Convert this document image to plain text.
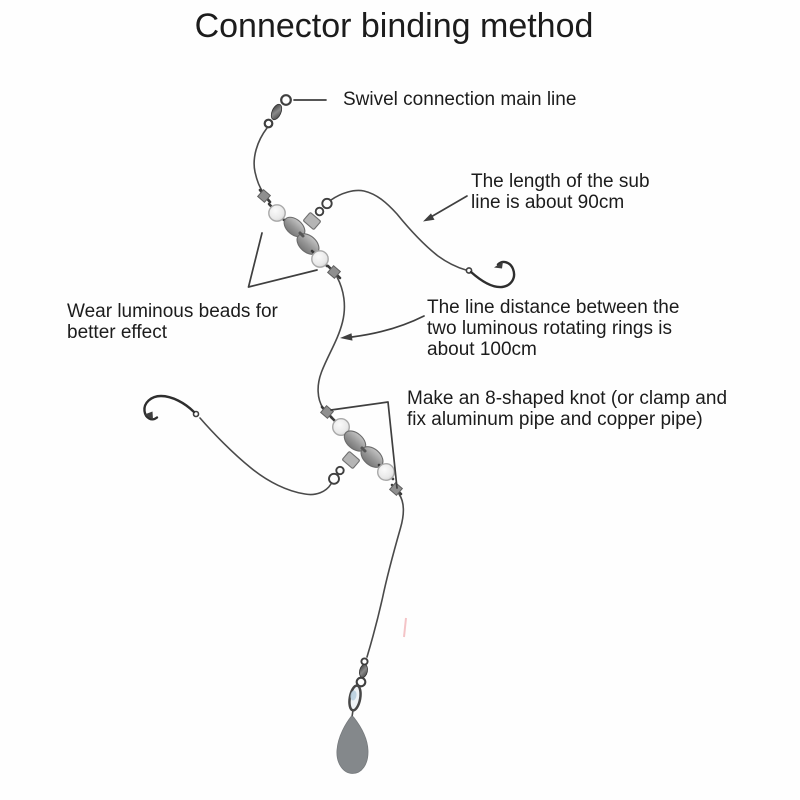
Connector binding method
Swivel connection main line
The length of the sub
line is about 90cm
Wear luminous beads for
better effect
The line distance between the
two luminous rotating rings is
about 100cm
Make an 8-shaped knot (or clamp and
fix aluminum pipe and copper pipe)
